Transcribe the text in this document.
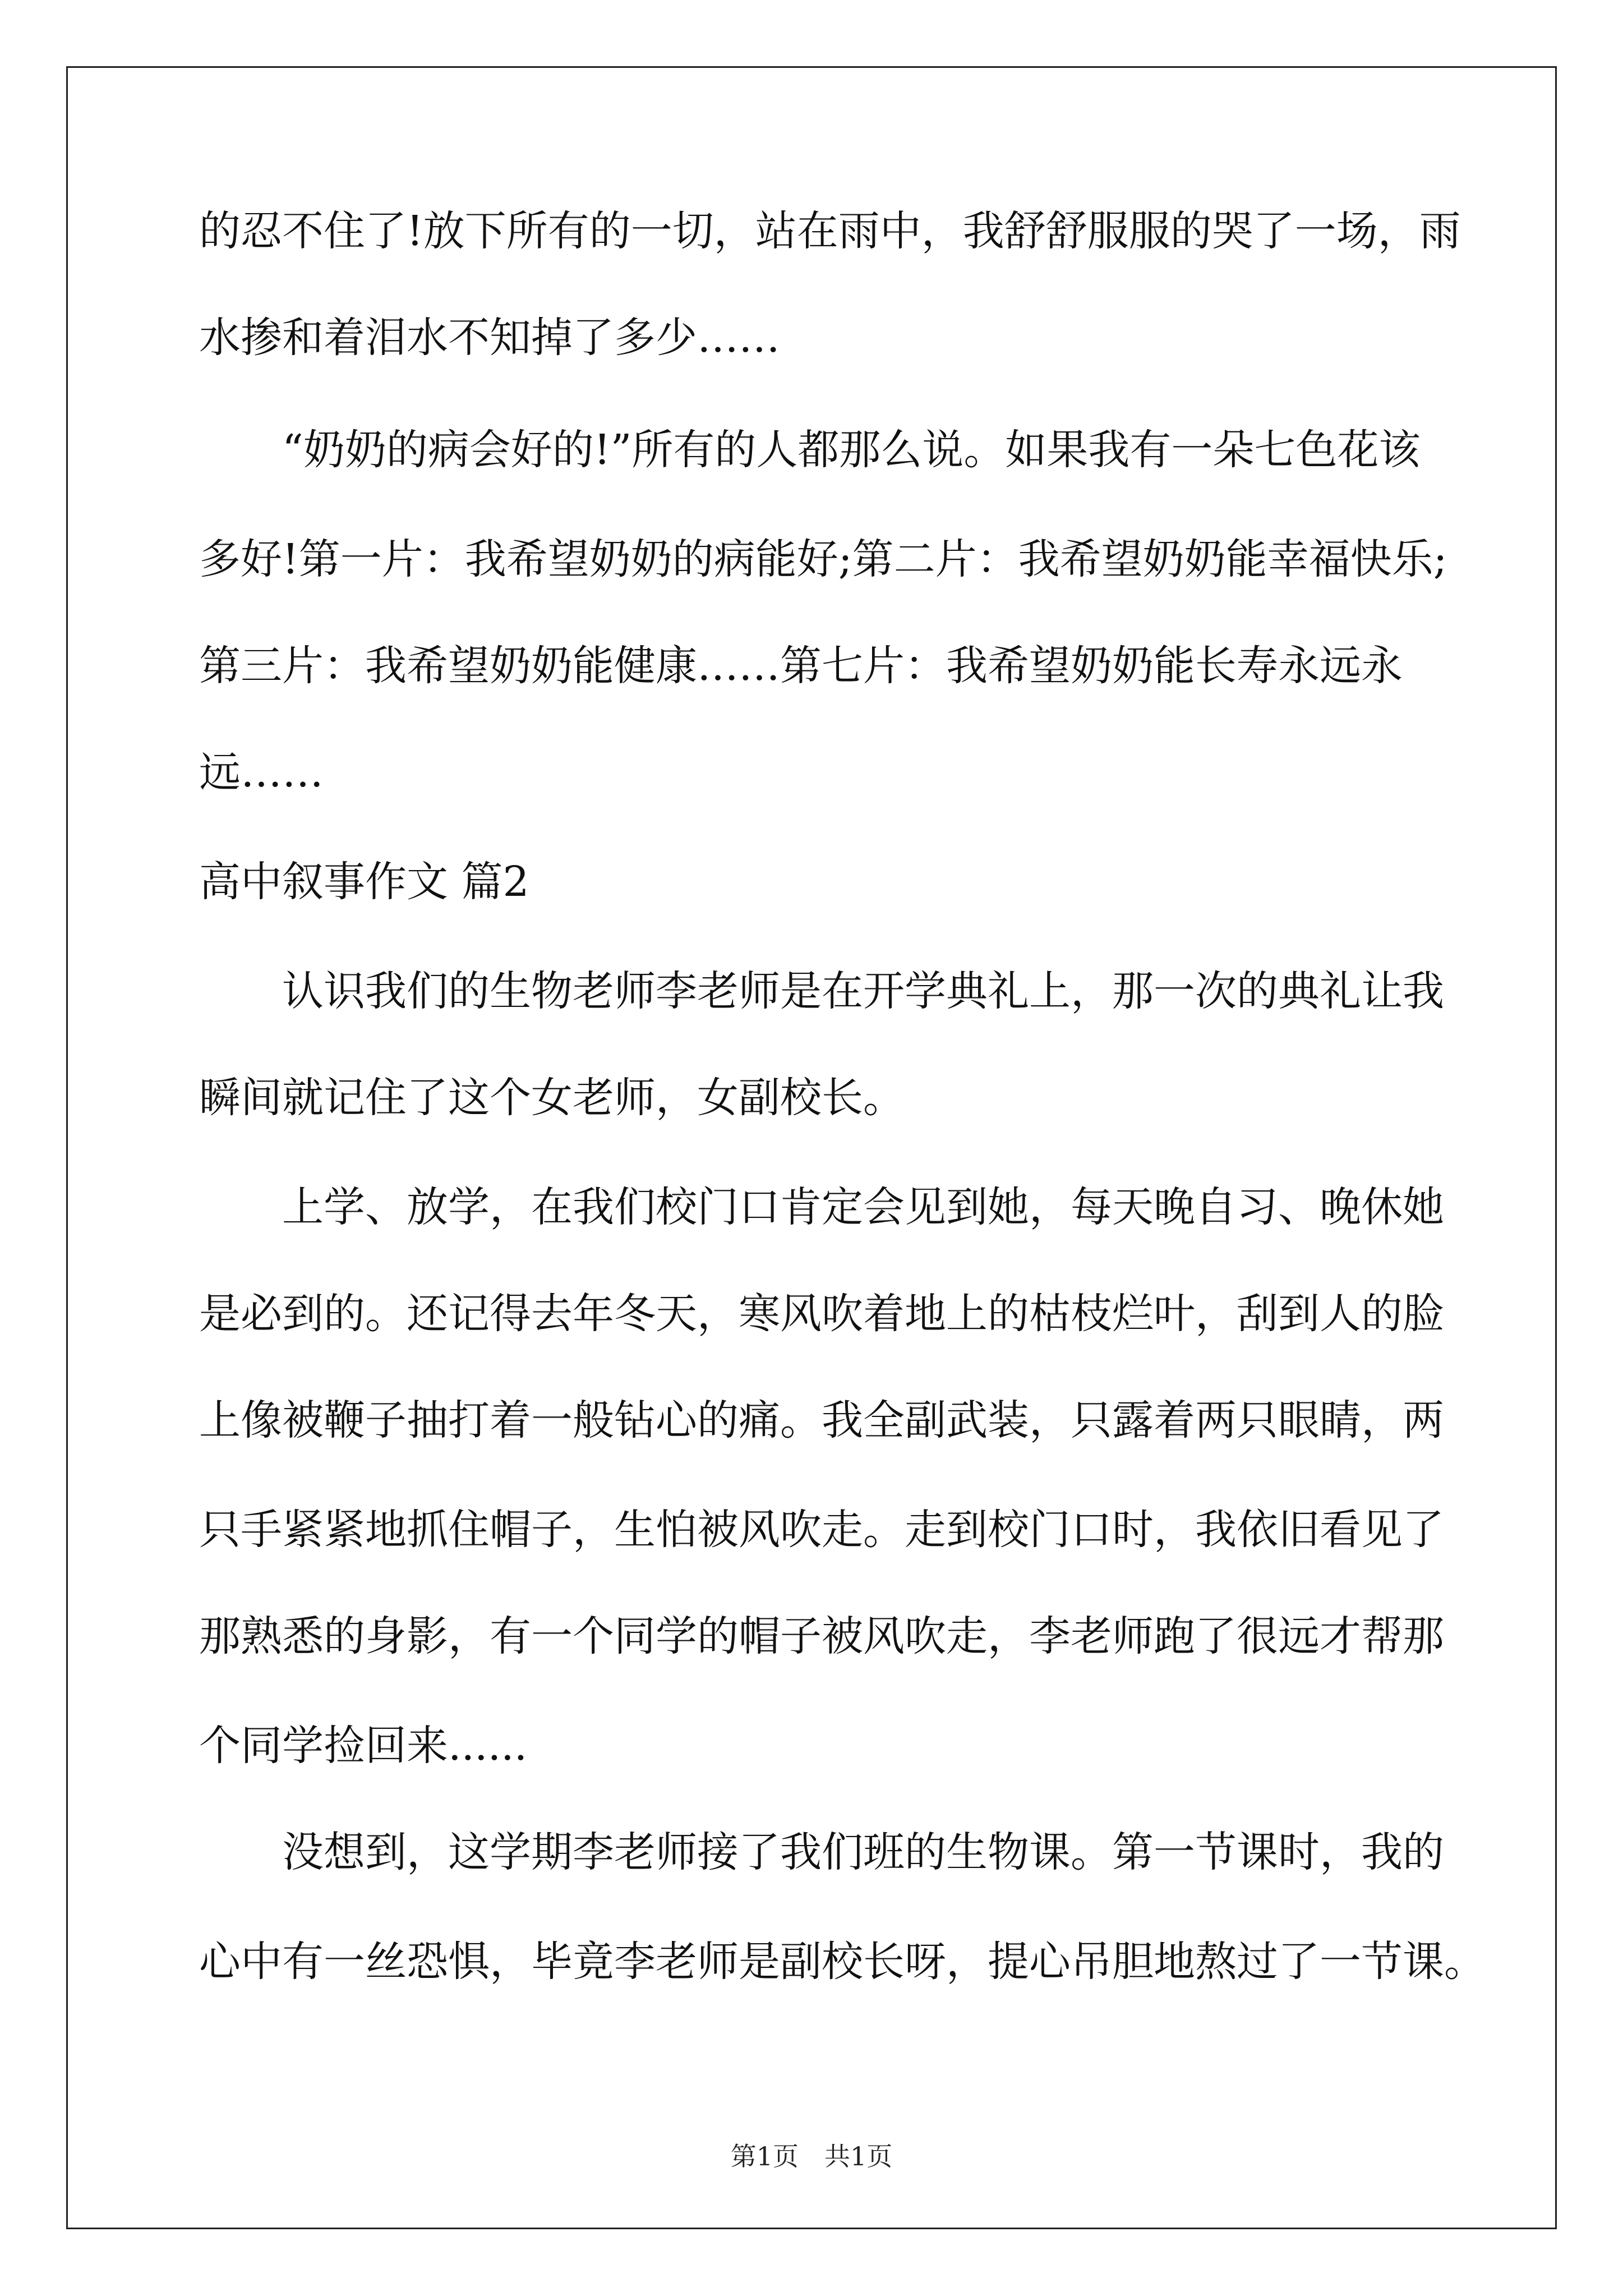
的忍不住了!放下所有的一切，站在雨中，我舒舒服服的哭了一场，雨
水掺和着泪水不知掉了多少……
“奶奶的病会好的!”所有的人都那么说。如果我有一朵七色花该
多好!第一片：我希望奶奶的病能好;第二片：我希望奶奶能幸福快乐;
第三片：我希望奶奶能健康……第七片：我希望奶奶能长寿永远永
远……
高中叙事作文 篇2
认识我们的生物老师李老师是在开学典礼上，那一次的典礼让我
瞬间就记住了这个女老师，女副校长。
上学、放学，在我们校门口肯定会见到她，每天晚自习、晚休她
是必到的。还记得去年冬天，寒风吹着地上的枯枝烂叶，刮到人的脸
上像被鞭子抽打着一般钻心的痛。我全副武装，只露着两只眼睛，两
只手紧紧地抓住帽子，生怕被风吹走。走到校门口时，我依旧看见了
那熟悉的身影，有一个同学的帽子被风吹走，李老师跑了很远才帮那
个同学捡回来......
没想到，这学期李老师接了我们班的生物课。第一节课时，我的
心中有一丝恐惧，毕竟李老师是副校长呀，提心吊胆地熬过了一节课。
第1页　共1页
